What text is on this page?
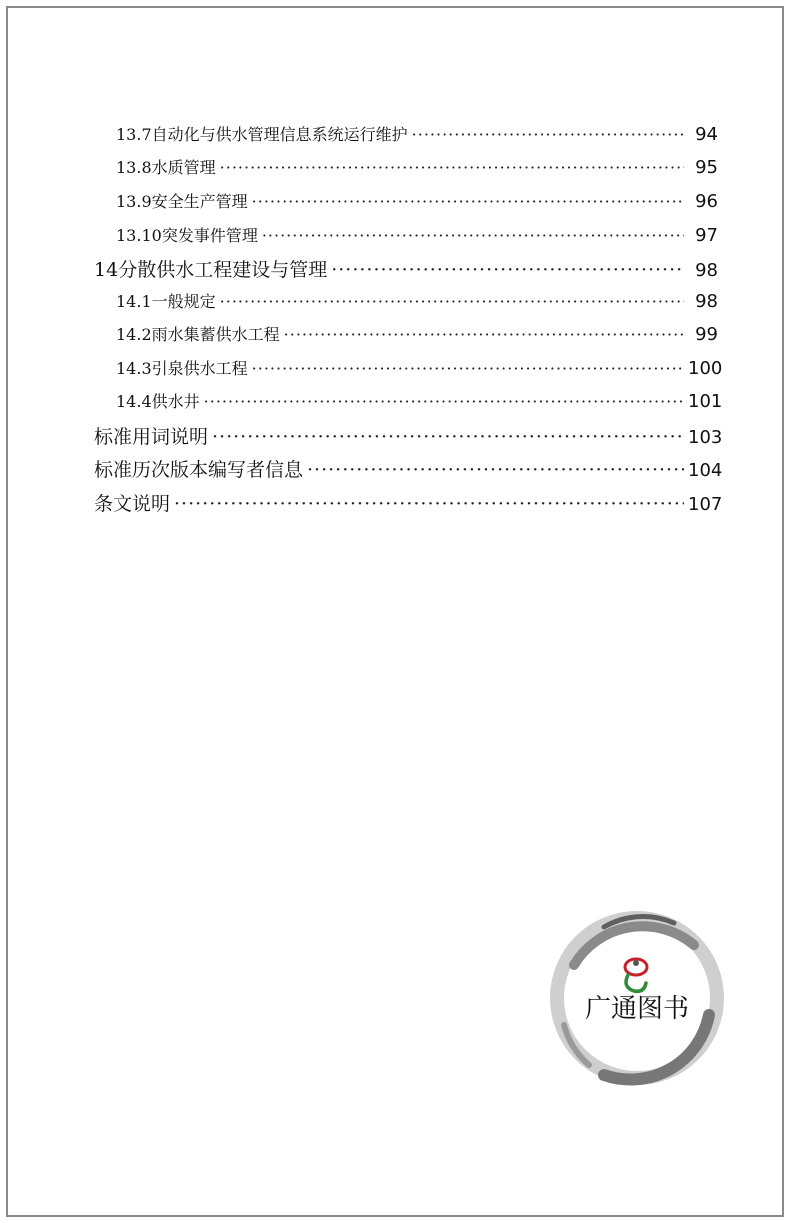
13.7 自动化与供水管理信息系统运行维护 ·····	94
13.8 水质管理 ·····	95
13.9 安全生产管理 ·····	96
13.10 突发事件管理 ·····	97
14 分散供水工程建设与管理 ·····	98
14.1 一般规定 ·····	98
14.2 雨水集蓄供水工程 ·····	99
14.3 引泉供水工程 ·····	100
14.4 供水井 ·····	101
标准用词说明 ·····	103
标准历次版本编写者信息 ·····	104
条文说明 ·····	107
广通图书
